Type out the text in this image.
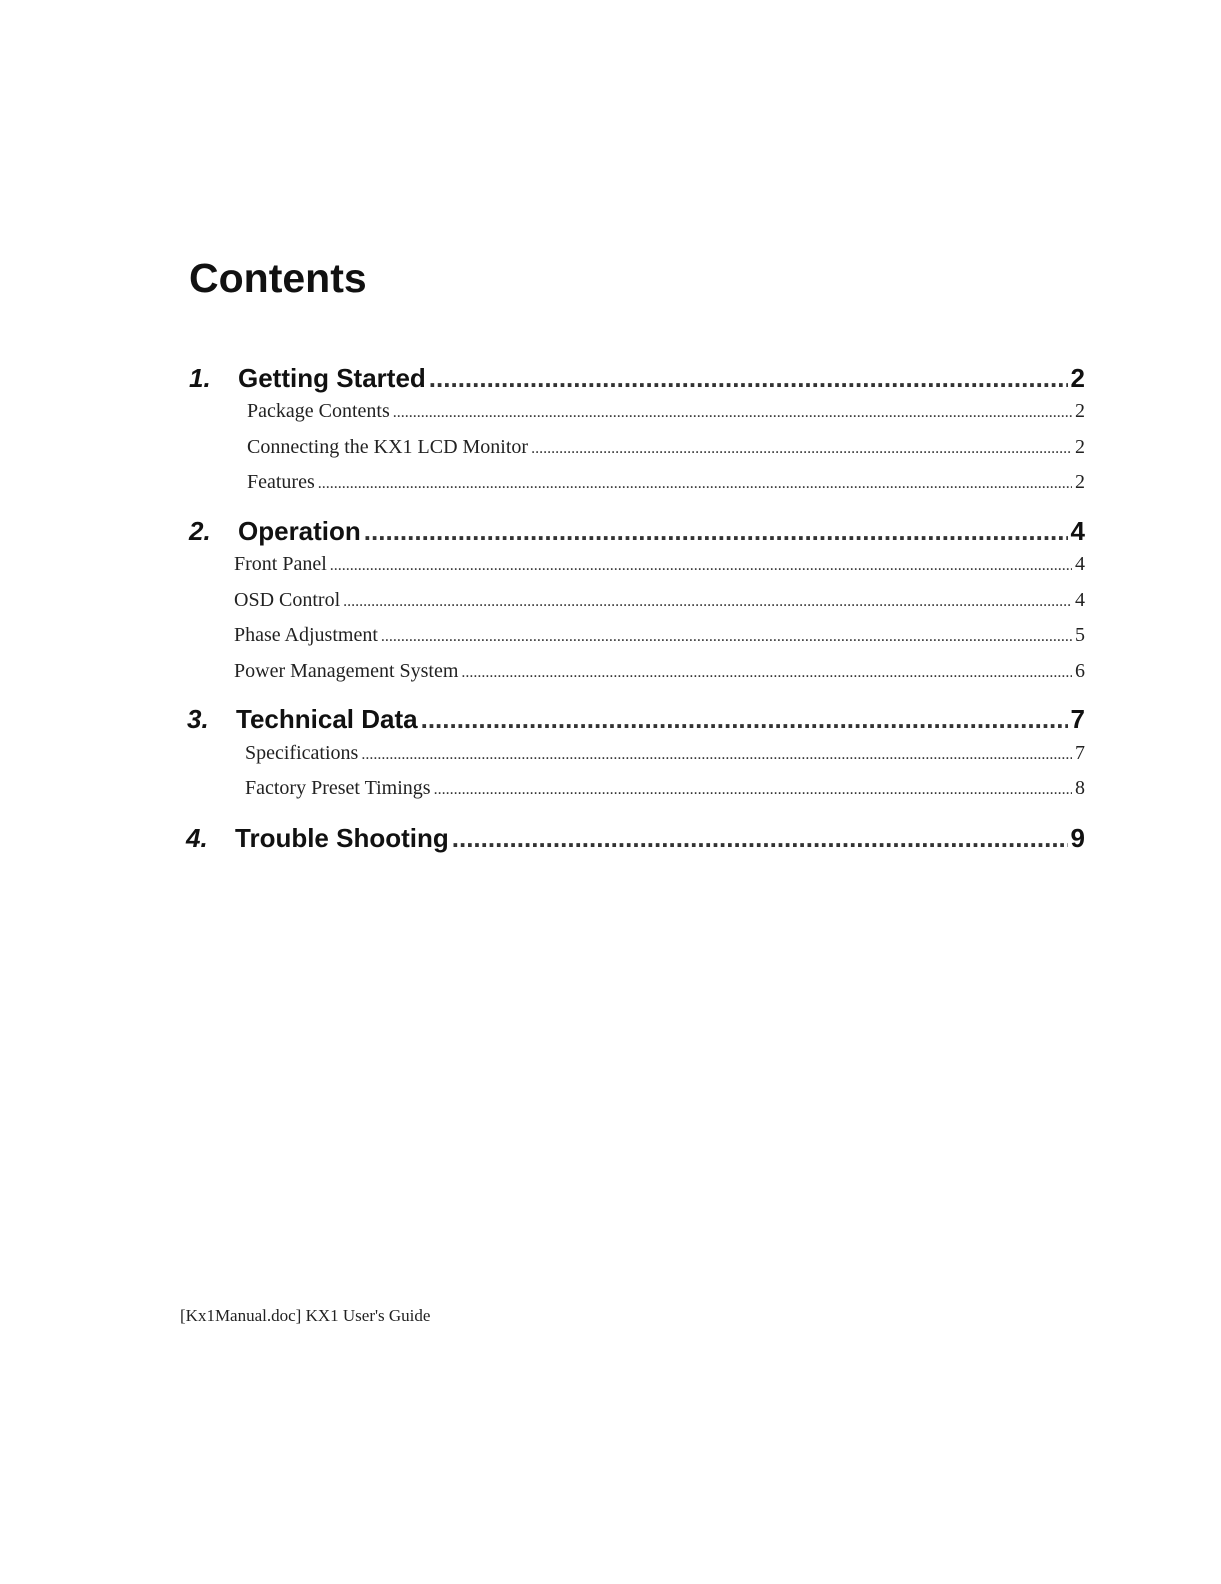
Contents
1.	Getting Started .....	2
Package Contents .....	2
Connecting the KX1 LCD Monitor .....	2
Features .....	2
2.	Operation .....	4
Front Panel .....	4
OSD Control .....	4
Phase Adjustment .....	5
Power Management System .....	6
3.	Technical Data .....	7
Specifications .....	7
Factory Preset Timings .....	8
4.	Trouble Shooting .....	9
[Kx1Manual.doc] KX1 User's Guide
